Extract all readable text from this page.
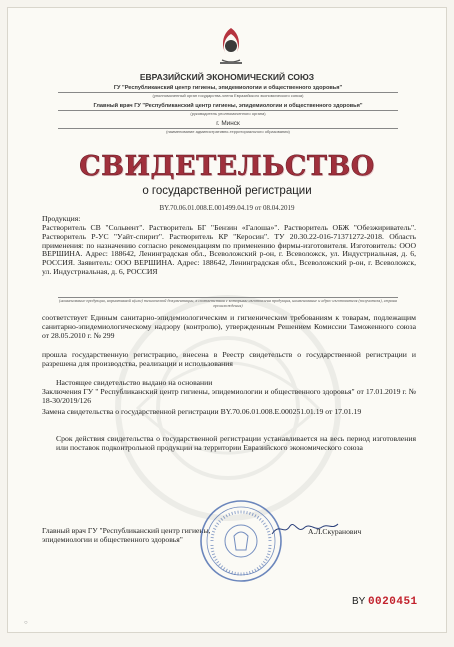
ЕВРАЗИЙСКИЙ ЭКОНОМИЧЕСКИЙ СОЮЗ
ГУ "Республиканский центр гигиены, эпидемиологии и общественного здоровья"
(уполномоченный орган государства-члена Евразийского экономического союза)
Главный врач ГУ "Республиканский центр гигиены, эпидемиологии и общественного здоровья"
(руководитель уполномоченного органа)
г. Минск
(наименование административно-территориального образования)
СВИДЕТЕЛЬСТВО
о государственной регистрации
BY.70.06.01.008.Е.001499.04.19 от 08.04.2019
Продукция:
Растворитель СВ "Сольвент". Растворитель БГ "Бензин «Галоша»". Растворитель ОБЖ "Обезжириватель". Растворитель Р-УС "Уайт-спирит". Растворитель КР "Керосин". ТУ 20.30.22-016-71371272-2018. Область применения: по назначению согласно рекомендациям по применению фирмы-изготовителя. Изготовитель: ООО ВЕРШИНА. Адрес: 188642, Ленинградская обл., Всеволожский р-он, г. Всеволожск, ул. Индустриальная, д. 6, РОССИЯ. Заявитель: ООО ВЕРШИНА. Адрес: 188642, Ленинградская обл., Всеволожский р-он, г. Всеволожск, ул. Индустриальная, д. 6, РОССИЯ
(наименование продукции, нормативной и(или) технической документации, в соответствии с которыми изготовлена продукция, наименование и адрес изготовителя (получателя), страна происхождения)
соответствует Единым санитарно-эпидемиологическим и гигиеническим требованиям к товарам, подлежащим санитарно-эпидемиологическому надзору (контролю), утвержденным Решением Комиссии Таможенного союза от 28.05.2010 г. № 299
прошла государственную регистрацию, внесена в Реестр свидетельств о государственной регистрации и разрешена для производства, реализации и использования
Настоящее свидетельство выдано на основании
Заключения ГУ " Республиканский центр гигиены, эпидемиологии и общественного здоровья" от 17.01.2019 г. № 18-30/2019/126
Замена свидетельства о государственной регистрации BY.70.06.01.008.Е.000251.01.19 от 17.01.19
Срок действия свидетельства о государственной регистрации устанавливается на весь период изготовления или поставок подконтрольной продукции на территории Евразийского экономического союза
Главный врач ГУ "Республиканский центр гигиены, эпидемиологии и общественного здоровья"
А.Л.Скуранович
BY 0020451
○
